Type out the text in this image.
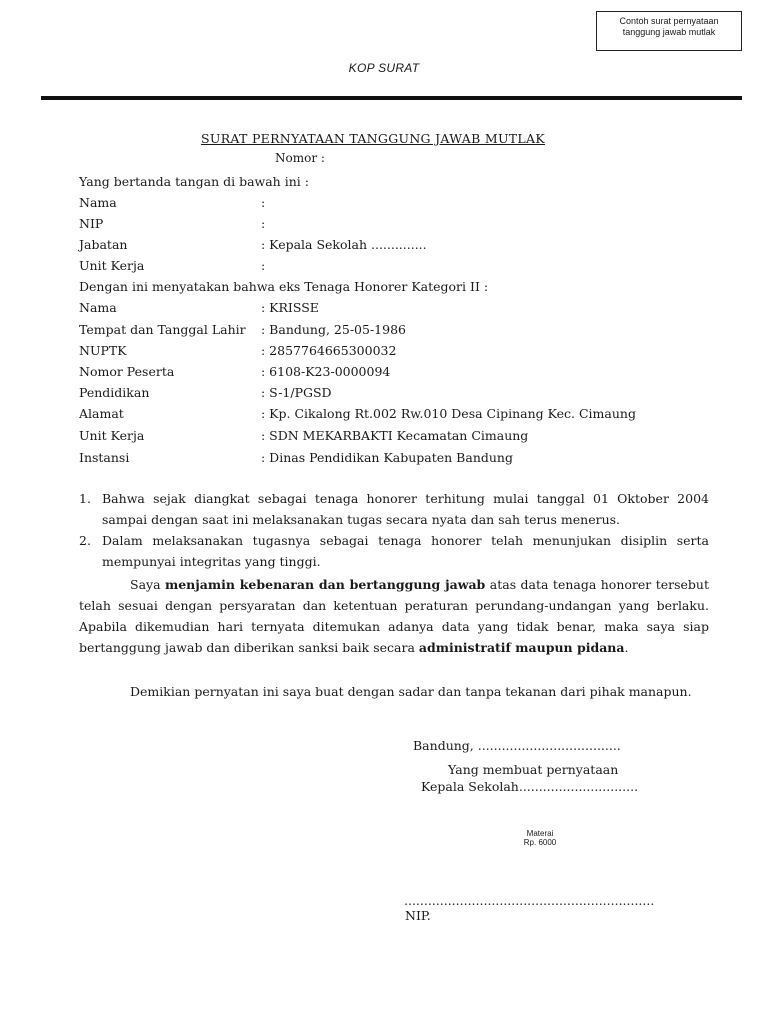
Contoh surat pernyataan
tanggung jawab mutlak
KOP SURAT
SURAT PERNYATAAN TANGGUNG JAWAB MUTLAK
Nomor :
Yang bertanda tangan di bawah ini :
Nama	:
NIP	:
Jabatan	: Kepala Sekolah ..............
Unit Kerja	:
Dengan ini menyatakan bahwa eks Tenaga Honorer Kategori II :
Nama	: KRISSE
Tempat dan Tanggal Lahir : Bandung, 25-05-1986
NUPTK	: 2857764665300032
Nomor Peserta	: 6108-K23-0000094
Pendidikan	: S-1/PGSD
Alamat	: Kp. Cikalong Rt.002 Rw.010 Desa Cipinang Kec. Cimaung
Unit Kerja	: SDN MEKARBAKTI Kecamatan Cimaung
Instansi	: Dinas Pendidikan Kabupaten Bandung
1. Bahwa sejak diangkat sebagai tenaga honorer terhitung mulai tanggal 01 Oktober 2004 sampai dengan saat ini melaksanakan tugas secara nyata dan sah terus menerus.
2. Dalam melaksanakan tugasnya sebagai tenaga honorer telah menunjukan disiplin serta mempunyai integritas yang tinggi.
Saya menjamin kebenaran dan bertanggung jawab atas data tenaga honorer tersebut telah sesuai dengan persyaratan dan ketentuan peraturan perundang-undangan yang berlaku. Apabila dikemudian hari ternyata ditemukan adanya data yang tidak benar, maka saya siap bertanggung jawab dan diberikan sanksi baik secara administratif maupun pidana.
Demikian pernyatan ini saya buat dengan sadar dan tanpa tekanan dari pihak manapun.
Bandung, ....................................
Yang membuat pernyataan
Kepala Sekolah..............................
Materai
Rp. 6000
...............................................................
NIP.
